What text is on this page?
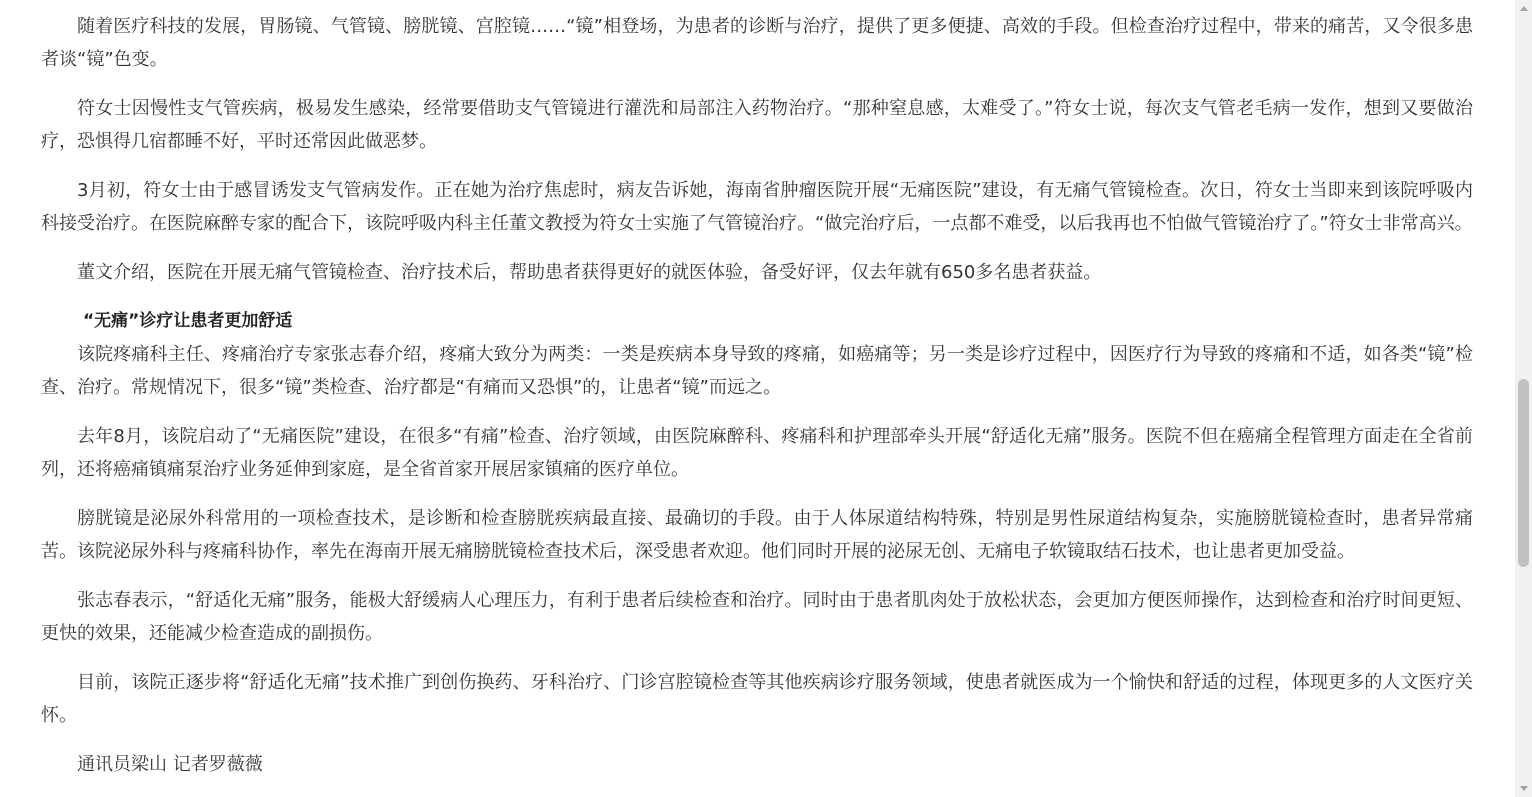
随着医疗科技的发展，胃肠镜、气管镜、膀胱镜、宫腔镜……“镜”相登场，为患者的诊断与治疗，提供了更多便捷、高效的手段。但检查治疗过程中，带来的痛苦，又令很多患者谈“镜”色变。

符女士因慢性支气管疾病，极易发生感染，经常要借助支气管镜进行灌洗和局部注入药物治疗。“那种窒息感，太难受了。”符女士说，每次支气管老毛病一发作，想到又要做治疗，恐惧得几宿都睡不好，平时还常因此做恶梦。

3月初，符女士由于感冒诱发支气管病发作。正在她为治疗焦虑时，病友告诉她，海南省肿瘤医院开展“无痛医院”建设，有无痛气管镜检查。次日，符女士当即来到该院呼吸内科接受治疗。在医院麻醉专家的配合下，该院呼吸内科主任董文教授为符女士实施了气管镜治疗。“做完治疗后，一点都不难受，以后我再也不怕做气管镜治疗了。”符女士非常高兴。

董文介绍，医院在开展无痛气管镜检查、治疗技术后，帮助患者获得更好的就医体验，备受好评，仅去年就有650多名患者获益。

“无痛”诊疗让患者更加舒适

该院疼痛科主任、疼痛治疗专家张志春介绍，疼痛大致分为两类：一类是疾病本身导致的疼痛，如癌痛等；另一类是诊疗过程中，因医疗行为导致的疼痛和不适，如各类“镜”检查、治疗。常规情况下，很多“镜”类检查、治疗都是“有痛而又恐惧”的，让患者“镜”而远之。

去年8月，该院启动了“无痛医院”建设，在很多“有痛”检查、治疗领域，由医院麻醉科、疼痛科和护理部牵头开展“舒适化无痛”服务。医院不但在癌痛全程管理方面走在全省前列，还将癌痛镇痛泵治疗业务延伸到家庭，是全省首家开展居家镇痛的医疗单位。

膀胱镜是泌尿外科常用的一项检查技术，是诊断和检查膀胱疾病最直接、最确切的手段。由于人体尿道结构特殊，特别是男性尿道结构复杂，实施膀胱镜检查时，患者异常痛苦。该院泌尿外科与疼痛科协作，率先在海南开展无痛膀胱镜检查技术后，深受患者欢迎。他们同时开展的泌尿无创、无痛电子软镜取结石技术，也让患者更加受益。

张志春表示，“舒适化无痛”服务，能极大舒缓病人心理压力，有利于患者后续检查和治疗。同时由于患者肌肉处于放松状态，会更加方便医师操作，达到检查和治疗时间更短、更快的效果，还能减少检查造成的副损伤。

目前，该院正逐步将“舒适化无痛”技术推广到创伤换药、牙科治疗、门诊宫腔镜检查等其他疾病诊疗服务领域，使患者就医成为一个愉快和舒适的过程，体现更多的人文医疗关怀。

通讯员梁山 记者罗薇薇
